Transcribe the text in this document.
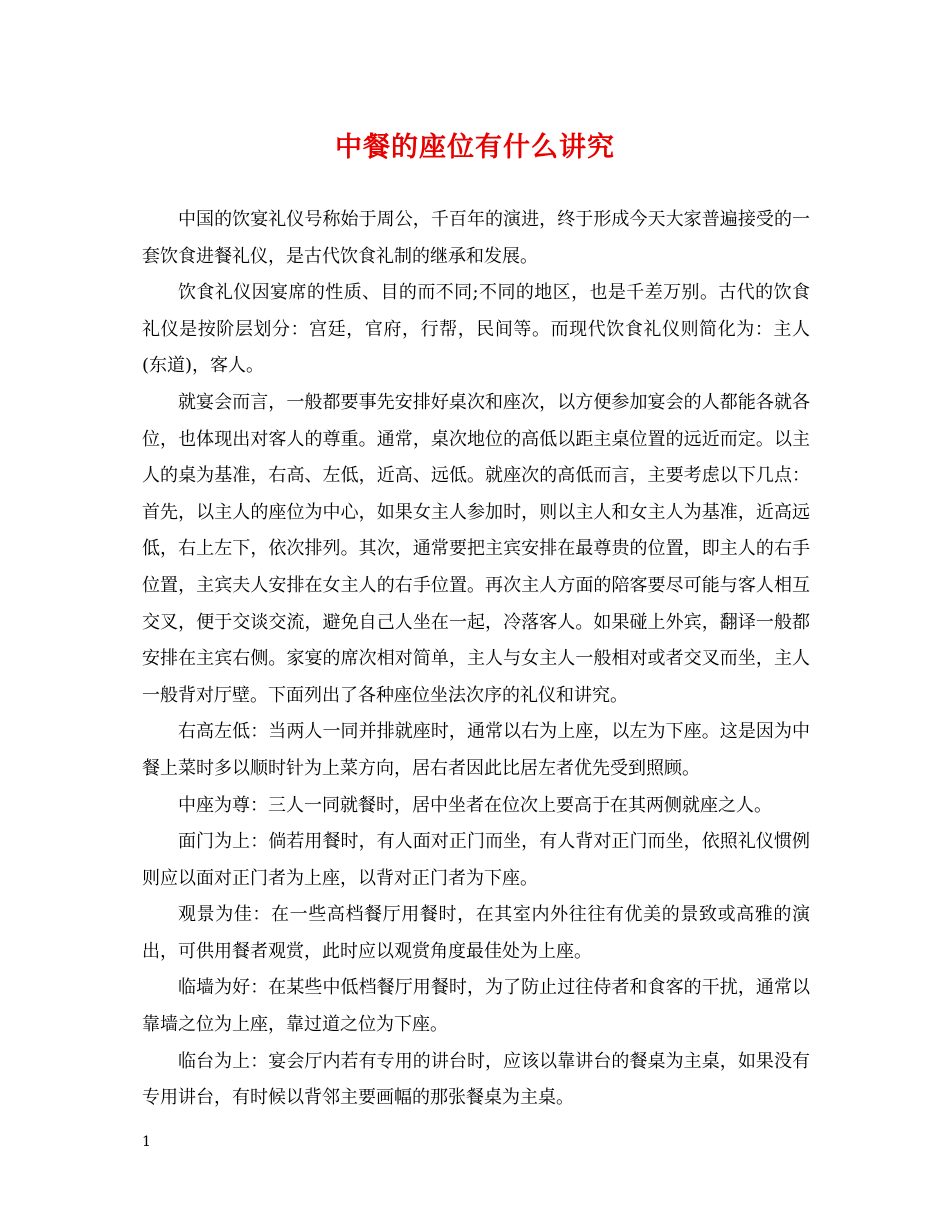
中餐的座位有什么讲究

中国的饮宴礼仪号称始于周公，千百年的演进，终于形成今天大家普遍接受的一套饮食进餐礼仪，是古代饮食礼制的继承和发展。

饮食礼仪因宴席的性质、目的而不同;不同的地区，也是千差万别。古代的饮食礼仪是按阶层划分：宫廷，官府，行帮，民间等。而现代饮食礼仪则简化为：主人(东道)，客人。

就宴会而言，一般都要事先安排好桌次和座次，以方便参加宴会的人都能各就各位，也体现出对客人的尊重。通常，桌次地位的高低以距主桌位置的远近而定。以主人的桌为基准，右高、左低，近高、远低。就座次的高低而言，主要考虑以下几点：首先，以主人的座位为中心，如果女主人参加时，则以主人和女主人为基准，近高远低，右上左下，依次排列。其次，通常要把主宾安排在最尊贵的位置，即主人的右手位置，主宾夫人安排在女主人的右手位置。再次主人方面的陪客要尽可能与客人相互交叉，便于交谈交流，避免自己人坐在一起，冷落客人。如果碰上外宾，翻译一般都安排在主宾右侧。家宴的席次相对简单，主人与女主人一般相对或者交叉而坐，主人一般背对厅壁。下面列出了各种座位坐法次序的礼仪和讲究。

右高左低：当两人一同并排就座时，通常以右为上座，以左为下座。这是因为中餐上菜时多以顺时针为上菜方向，居右者因此比居左者优先受到照顾。

中座为尊：三人一同就餐时，居中坐者在位次上要高于在其两侧就座之人。

面门为上：倘若用餐时，有人面对正门而坐，有人背对正门而坐，依照礼仪惯例则应以面对正门者为上座，以背对正门者为下座。

观景为佳：在一些高档餐厅用餐时，在其室内外往往有优美的景致或高雅的演出，可供用餐者观赏，此时应以观赏角度最佳处为上座。

临墙为好：在某些中低档餐厅用餐时，为了防止过往侍者和食客的干扰，通常以靠墙之位为上座，靠过道之位为下座。

临台为上：宴会厅内若有专用的讲台时，应该以靠讲台的餐桌为主桌，如果没有专用讲台，有时候以背邻主要画幅的那张餐桌为主桌。

1
